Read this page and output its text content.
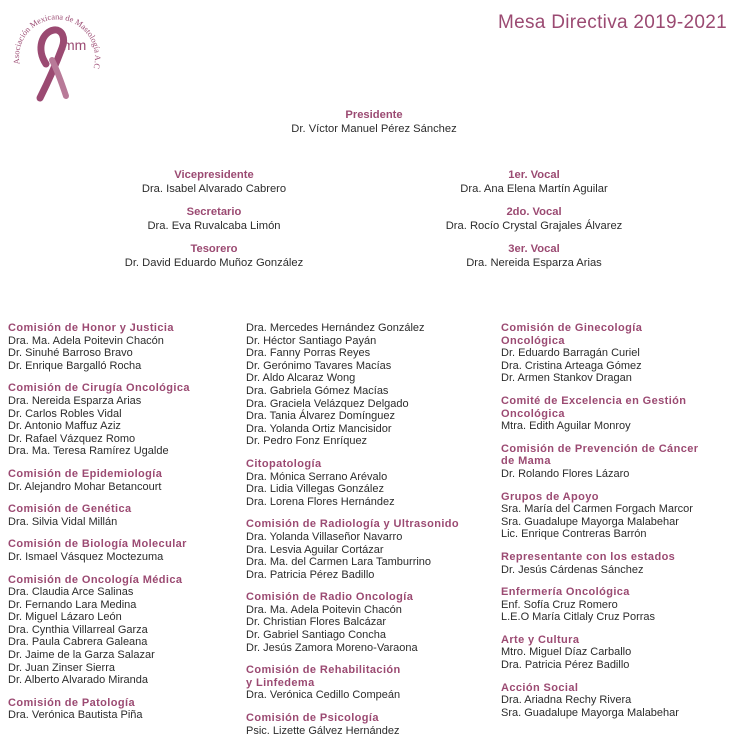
Asociación Mexicana de Mastología A.C
mm
Mesa Directiva 2019-2021
Presidente
Dr. Víctor Manuel Pérez Sánchez
Vicepresidente
Dra. Isabel Alvarado Cabrero
Secretario
Dra. Eva Ruvalcaba Limón
Tesorero
Dr. David Eduardo Muñoz González
1er. Vocal
Dra. Ana Elena Martín Aguilar
2do. Vocal
Dra. Rocío Crystal Grajales Álvarez
3er. Vocal
Dra. Nereida Esparza Arias
Comisión de Honor y Justicia
Dra. Ma. Adela Poitevin Chacón
Dr. Sinuhé Barroso Bravo
Dr. Enrique Bargalló Rocha
Comisión de Cirugía Oncológica
Dra. Nereida Esparza Arias
Dr. Carlos Robles Vidal
Dr. Antonio Maffuz Aziz
Dr. Rafael Vázquez Romo
Dra. Ma. Teresa Ramírez Ugalde
Comisión de Epidemiología
Dr. Alejandro Mohar Betancourt
Comisión de Genética
Dra. Silvia Vidal Millán
Comisión de Biología Molecular
Dr. Ismael Vásquez Moctezuma
Comisión de Oncología Médica
Dra. Claudia Arce Salinas
Dr. Fernando Lara Medina
Dr. Miguel Lázaro León
Dra. Cynthia Villarreal Garza
Dra. Paula Cabrera Galeana
Dr. Jaime de la Garza Salazar
Dr. Juan Zinser Sierra
Dr. Alberto Alvarado Miranda
Comisión de Patología
Dra. Verónica Bautista Piña
Dra. Mercedes Hernández González
Dr. Héctor Santiago Payán
Dra. Fanny Porras Reyes
Dr. Gerónimo Tavares Macías
Dr. Aldo Alcaraz Wong
Dra. Gabriela Gómez Macías
Dra. Graciela Velázquez Delgado
Dra. Tania Álvarez Domínguez
Dra. Yolanda Ortiz Mancisidor
Dr. Pedro Fonz Enríquez
Citopatología
Dra. Mónica Serrano Arévalo
Dra. Lidia Villegas González
Dra. Lorena Flores Hernández
Comisión de Radiología y Ultrasonido
Dra. Yolanda Villaseñor Navarro
Dra. Lesvia Aguilar Cortázar
Dra. Ma. del Carmen Lara Tamburrino
Dra. Patricia Pérez Badillo
Comisión de Radio Oncología
Dra. Ma. Adela Poitevin Chacón
Dr. Christian Flores Balcázar
Dr. Gabriel Santiago Concha
Dr. Jesús Zamora Moreno-Varaona
Comisión de Rehabilitación
y Linfedema
Dra. Verónica Cedillo Compeán
Comisión de Psicología
Psic. Lizette Gálvez Hernández
Comisión de Ginecología
Oncológica
Dr. Eduardo Barragán Curiel
Dra. Cristina Arteaga Gómez
Dr. Armen Stankov Dragan
Comité de Excelencia en Gestión
Oncológica
Mtra. Edith Aguilar Monroy
Comisión de Prevención de Cáncer
de Mama
Dr. Rolando Flores Lázaro
Grupos de Apoyo
Sra. María del Carmen Forgach Marcor
Sra. Guadalupe Mayorga Malabehar
Lic. Enrique Contreras Barrón
Representante con los estados
Dr. Jesús Cárdenas Sánchez
Enfermería Oncológica
Enf. Sofía Cruz Romero
L.E.O María Citlaly Cruz Porras
Arte y Cultura
Mtro. Miguel Díaz Carballo
Dra. Patricia Pérez Badillo
Acción Social
Dra. Ariadna Rechy Rivera
Sra. Guadalupe Mayorga Malabehar
